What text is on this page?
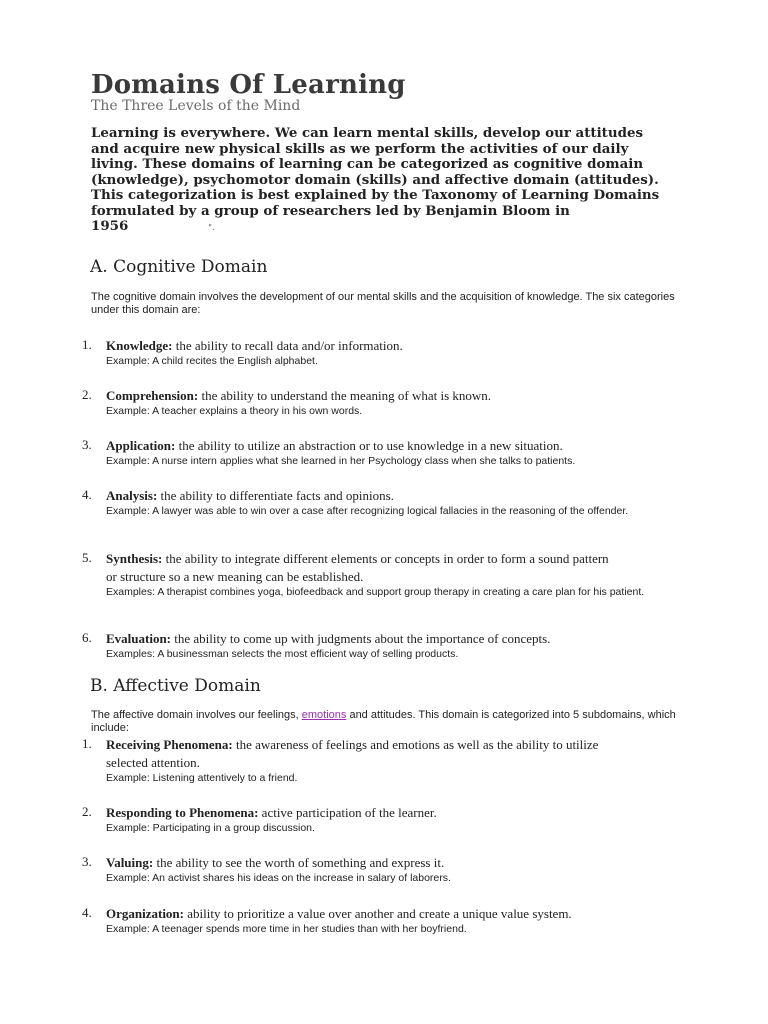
Domains Of Learning
The Three Levels of the Mind

Learning is everywhere. We can learn mental skills, develop our attitudes and acquire new physical skills as we perform the activities of our daily living. These domains of learning can be categorized as cognitive domain (knowledge), psychomotor domain (skills) and affective domain (attitudes). This categorization is best explained by the Taxonomy of Learning Domains formulated by a group of researchers led by Benjamin Bloom in 1956	".

A. Cognitive Domain

The cognitive domain involves the development of our mental skills and the acquisition of knowledge. The six categories under this domain are:

1.	Knowledge: the ability to recall data and/or information.

Example: A child recites the English alphabet.

2.	Comprehension: the ability to understand the meaning of what is known.

Example: A teacher explains a theory in his own words.

3.	Application: the ability to utilize an abstraction or to use knowledge in a new situation.

Example: A nurse intern applies what she learned in her Psychology class when she talks to patients.

4.	Analysis: the ability to differentiate facts and opinions.

Example: A lawyer was able to win over a case after recognizing logical fallacies in the reasoning of the offender.

5.	Synthesis: the ability to integrate different elements or concepts in order to form a sound pattern

or structure so a new meaning can be established.

Examples: A therapist combines yoga, biofeedback and support group therapy in creating a care plan for his patient.

6.	Evaluation: the ability to come up with judgments about the importance of concepts.

Examples: A businessman selects the most efficient way of selling products.

B. Affective Domain

The affective domain involves our feelings, emotions and attitudes. This domain is categorized into 5 subdomains, which include:

1.	Receiving Phenomena: the awareness of feelings and emotions as well as the ability to utilize

selected attention.

Example: Listening attentively to a friend.

2.	Responding to Phenomena: active participation of the learner.

Example: Participating in a group discussion.

3.	Valuing: the ability to see the worth of something and express it.

Example: An activist shares his ideas on the increase in salary of laborers.

4.	Organization: ability to prioritize a value over another and create a unique value system.

Example: A teenager spends more time in her studies than with her boyfriend.
